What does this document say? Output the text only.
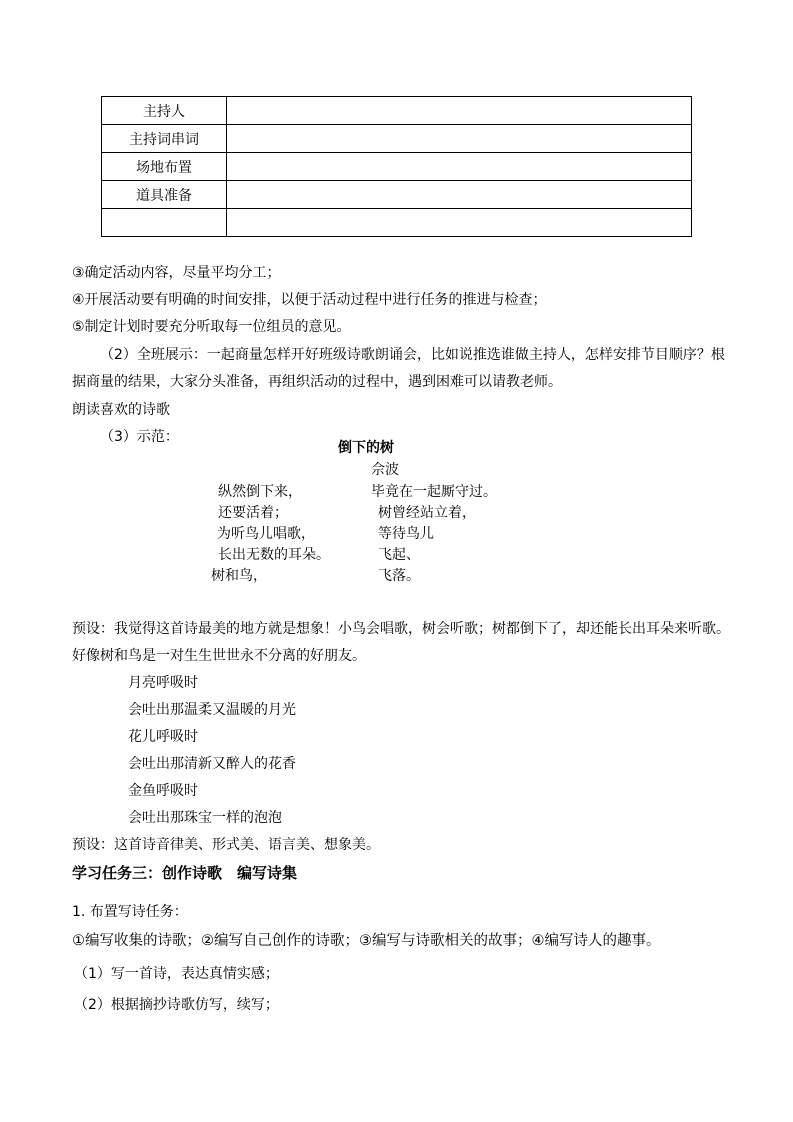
主持人	
主持词串词	
场地布置	
道具准备	

③确定活动内容，尽量平均分工；
④开展活动要有明确的时间安排，以便于活动过程中进行任务的推进与检查；
⑤制定计划时要充分听取每一位组员的意见。
（2）全班展示：一起商量怎样开好班级诗歌朗诵会，比如说推选谁做主持人，怎样安排节目顺序？根
据商量的结果，大家分头准备，再组织活动的过程中，遇到困难可以请教老师。
朗读喜欢的诗歌
（3）示范：
倒下的树
佘波
纵然倒下来，
还要活着；
为听鸟儿唱歌，
长出无数的耳朵。
树和鸟，
毕竟在一起厮守过。
树曾经站立着，
等待鸟儿
飞起、
飞落。
预设：我觉得这首诗最美的地方就是想象！小鸟会唱歌，树会听歌；树都倒下了，却还能长出耳朵来听歌。
好像树和鸟是一对生生世世永不分离的好朋友。
月亮呼吸时
会吐出那温柔又温暖的月光
花儿呼吸时
会吐出那清新又醉人的花香
金鱼呼吸时
会吐出那珠宝一样的泡泡
预设：这首诗音律美、形式美、语言美、想象美。
学习任务三：创作诗歌　编写诗集
1. 布置写诗任务：
①编写收集的诗歌；②编写自己创作的诗歌；③编写与诗歌相关的故事；④编写诗人的趣事。
（1）写一首诗，表达真情实感；
（2）根据摘抄诗歌仿写，续写；
